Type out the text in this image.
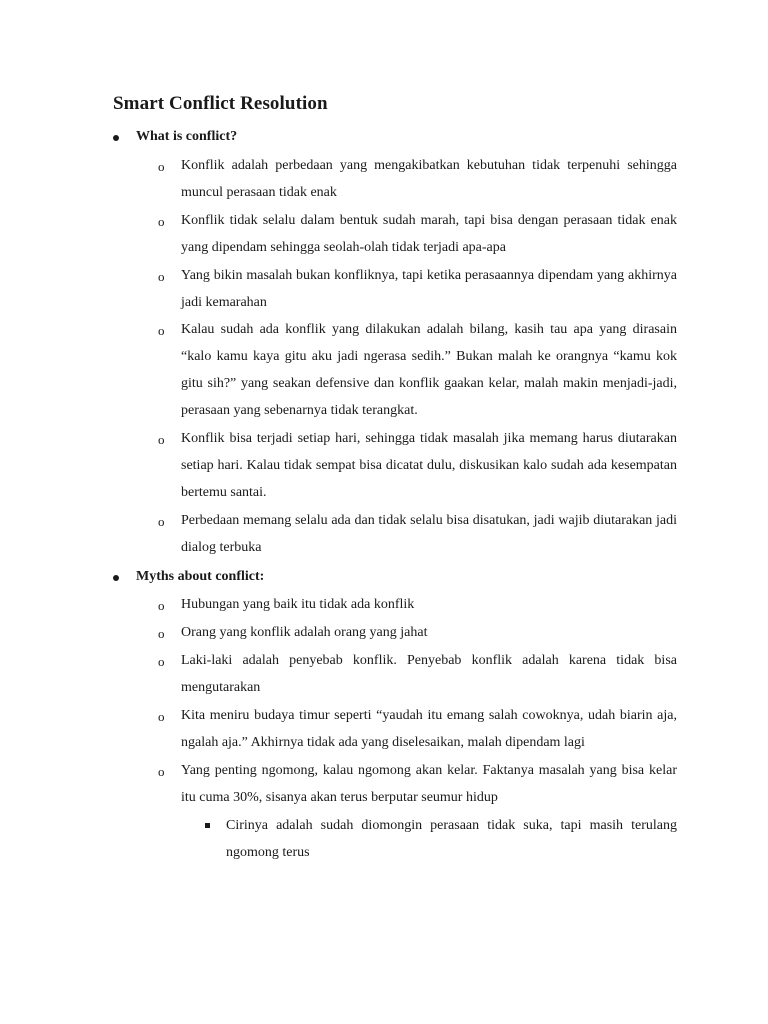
Smart Conflict Resolution
What is conflict?
o Konflik adalah perbedaan yang mengakibatkan kebutuhan tidak terpenuhi sehingga muncul perasaan tidak enak
o Konflik tidak selalu dalam bentuk sudah marah, tapi bisa dengan perasaan tidak enak yang dipendam sehingga seolah-olah tidak terjadi apa-apa
o Yang bikin masalah bukan konfliknya, tapi ketika perasaannya dipendam yang akhirnya jadi kemarahan
o Kalau sudah ada konflik yang dilakukan adalah bilang, kasih tau apa yang dirasain “kalo kamu kaya gitu aku jadi ngerasa sedih.” Bukan malah ke orangnya “kamu kok gitu sih?” yang seakan defensive dan konflik gaakan kelar, malah makin menjadi-jadi, perasaan yang sebenarnya tidak terangkat.
o Konflik bisa terjadi setiap hari, sehingga tidak masalah jika memang harus diutarakan setiap hari. Kalau tidak sempat bisa dicatat dulu, diskusikan kalo sudah ada kesempatan bertemu santai.
o Perbedaan memang selalu ada dan tidak selalu bisa disatukan, jadi wajib diutarakan jadi dialog terbuka
Myths about conflict:
o Hubungan yang baik itu tidak ada konflik
o Orang yang konflik adalah orang yang jahat
o Laki-laki adalah penyebab konflik. Penyebab konflik adalah karena tidak bisa mengutarakan
o Kita meniru budaya timur seperti “yaudah itu emang salah cowoknya, udah biarin aja, ngalah aja.” Akhirnya tidak ada yang diselesaikan, malah dipendam lagi
o Yang penting ngomong, kalau ngomong akan kelar. Faktanya masalah yang bisa kelar itu cuma 30%, sisanya akan terus berputar seumur hidup
Cirinya adalah sudah diomongin perasaan tidak suka, tapi masih terulang ngomong terus
